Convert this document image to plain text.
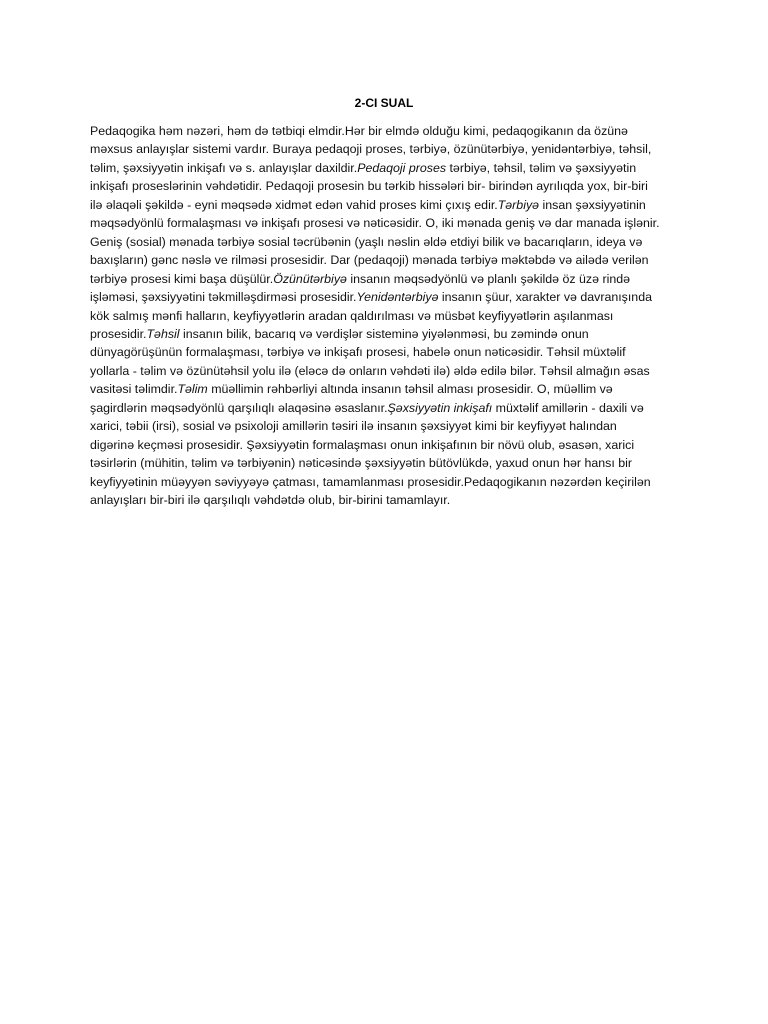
2-CI SUAL
Pedaqogika həm nəzəri, həm də tətbiqi elmdir.Hər bir elmdə olduğu kimi, pedaqogikanın da özünə
məxsus anlayışlar sistemi vardır. Buraya pedaqoji proses, tərbiyə, özünütərbiyə, yenidəntərbiyə, təhsil,
təlim, şəxsiyyətin inkişafı və s. anlayışlar daxildir.Pedaqoji proses tərbiyə, təhsil, təlim və şəxsiyyətin
inkişafı proseslərinin vəhdətidir. Pedaqoji prosesin bu tərkib hissələri bir- birindən ayrılıqda yox, bir-biri
ilə əlaqəli şəkildə - eyni məqsədə xidmət edən vahid proses kimi çıxış edir.Tərbiyə insan şəxsiyyətinin
məqsədyönlü formalaşması və inkişafı prosesi və nəticəsidir. O, iki mənada geniş və dar manada işlənir.
Geniş (sosial) mənada tərbiyə sosial təcrübənin (yaşlı nəslin əldə etdiyi bilik və bacarıqların, ideya və
baxışların) gənc nəslə ve rilməsi prosesidir. Dar (pedaqoji) mənada tərbiyə məktəbdə və ailədə verilən
tərbiyə prosesi kimi başa düşülür.Özünütərbiyə insanın məqsədyönlü və planlı şəkildə öz üzə rində
işləməsi, şəxsiyyətini təkmilləşdirməsi prosesidir.Yenidəntərbiyə insanın şüur, xarakter və davranışında
kök salmış mənfi halların, keyfiyyətlərin aradan qaldırılması və müsbət keyfiyyətlərin aşılanması
prosesidir.Təhsil insanın bilik, bacarıq və vərdişlər sisteminə yiyələnməsi, bu zəmində onun
dünyagörüşünün formalaşması, tərbiyə və inkişafı prosesi, habelə onun nəticəsidir. Təhsil müxtəlif
yollarla - təlim və özünütəhsil yolu ilə (eləcə də onların vəhdəti ilə) əldə edilə bilər. Təhsil almağın əsas
vasitəsi təlimdir.Təlim müəllimin rəhbərliyi altında insanın təhsil alması prosesidir. O, müəllim və
şagirdlərin məqsədyönlü qarşılıqlı əlaqəsinə əsaslanır.Şəxsiyyətin inkişafı müxtəlif amillərin - daxili və
xarici, təbii (irsi), sosial və psixoloji amillərin təsiri ilə insanın şəxsiyyət kimi bir keyfiyyət halından
digərinə keçməsi prosesidir. Şəxsiyyətin formalaşması onun inkişafının bir növü olub, əsasən, xarici
təsirlərin (mühitin, təlim və tərbiyənin) nəticəsində şəxsiyyətin bütövlükdə, yaxud onun hər hansı bir
keyfiyyətinin müəyyən səviyyəyə çatması, tamamlanması prosesidir.Pedaqogikanın nəzərdən keçirilən
anlayışları bir-biri ilə qarşılıqlı vəhdətdə olub, bir-birini tamamlayır.
